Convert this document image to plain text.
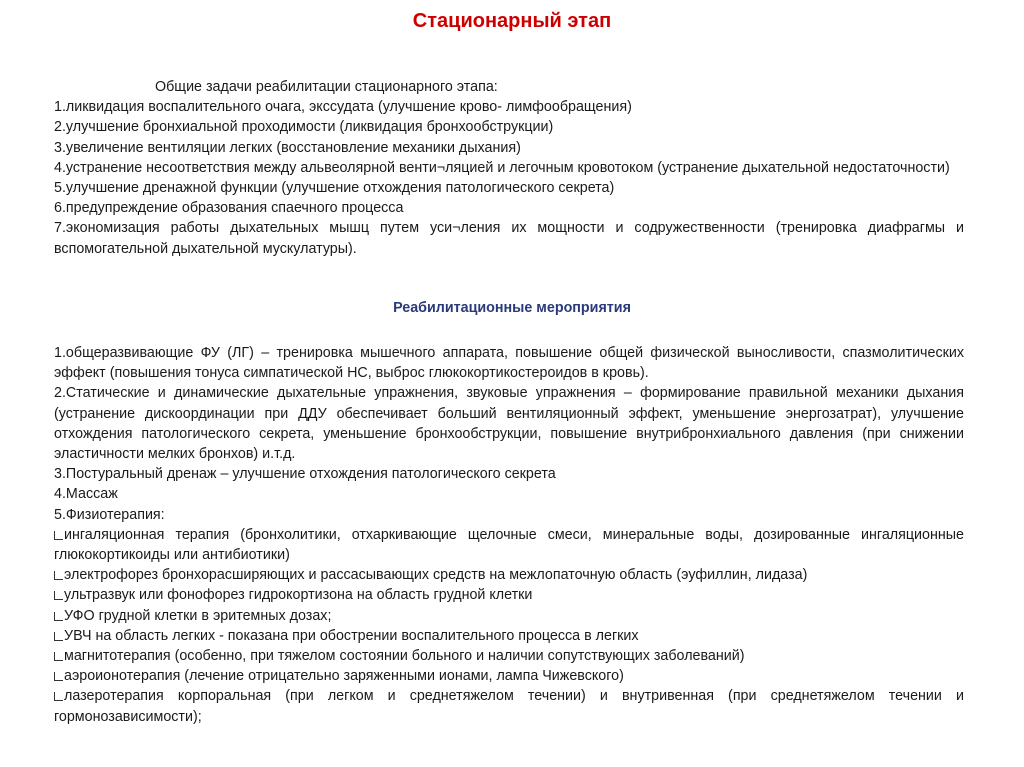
Стационарный этап

Общие задачи реабилитации стационарного этапа:

1.ликвидация воспалительного очага, экссудата (улучшение крово- лимфообращения)

2.улучшение бронхиальной проходимости (ликвидация бронхообструкции)

3.увеличение вентиляции легких (восстановление механики дыхания)

4.устранение несоответствия между альвеолярной венти¬ляцией и легочным кровотоком (устранение дыхательной недостаточности)

5.улучшение дренажной функции (улучшение отхождения патологического секрета)

6.предупреждение образования спаечного процесса

7.экономизация работы дыхательных мышц путем уси¬ления их мощности и содружественности (тренировка диафрагмы и вспомогательной дыхательной мускулатуры).

Реабилитационные мероприятия

1.общеразвивающие ФУ (ЛГ) – тренировка мышечного аппарата, повышение общей физической выносливости, спазмолитических эффект (повышения тонуса симпатической НС, выброс глюкокортикостероидов в кровь).

2.Статические и динамические дыхательные упражнения, звуковые упражнения – формирование правильной механики дыхания (устранение дискоординации при ДДУ обеспечивает больший вентиляционный эффект, уменьшение энергозатрат), улучшение отхождения патологического секрета, уменьшение бронхообструкции, повышение внутрибронхиального давления (при снижении эластичности мелких бронхов) и.т.д.

3.Постуральный дренаж – улучшение отхождения патологического секрета

4.Массаж

5.Физиотерапия:

ингаляционная терапия (бронхолитики, отхаркивающие щелочные смеси, минеральные воды, дозированные ингаляционные глюкокортикоиды или антибиотики)

электрофорез бронхорасширяющих и рассасывающих средств на межлопаточную область (эуфиллин, лидаза)

ультразвук или фонофорез гидрокортизона на область грудной клетки

УФО грудной клетки в эритемных дозах;

УВЧ на область легких - показана при обострении воспалительного процесса в легких

магнитотерапия (особенно, при тяжелом состоянии больного и наличии сопутствующих заболеваний)

аэроионотерапия (лечение отрицательно заряженными ионами, лампа Чижевского)

лазеротерапия корпоральная (при легком и среднетяжелом течении) и внутривенная (при среднетяжелом течении и гормонозависимости);
